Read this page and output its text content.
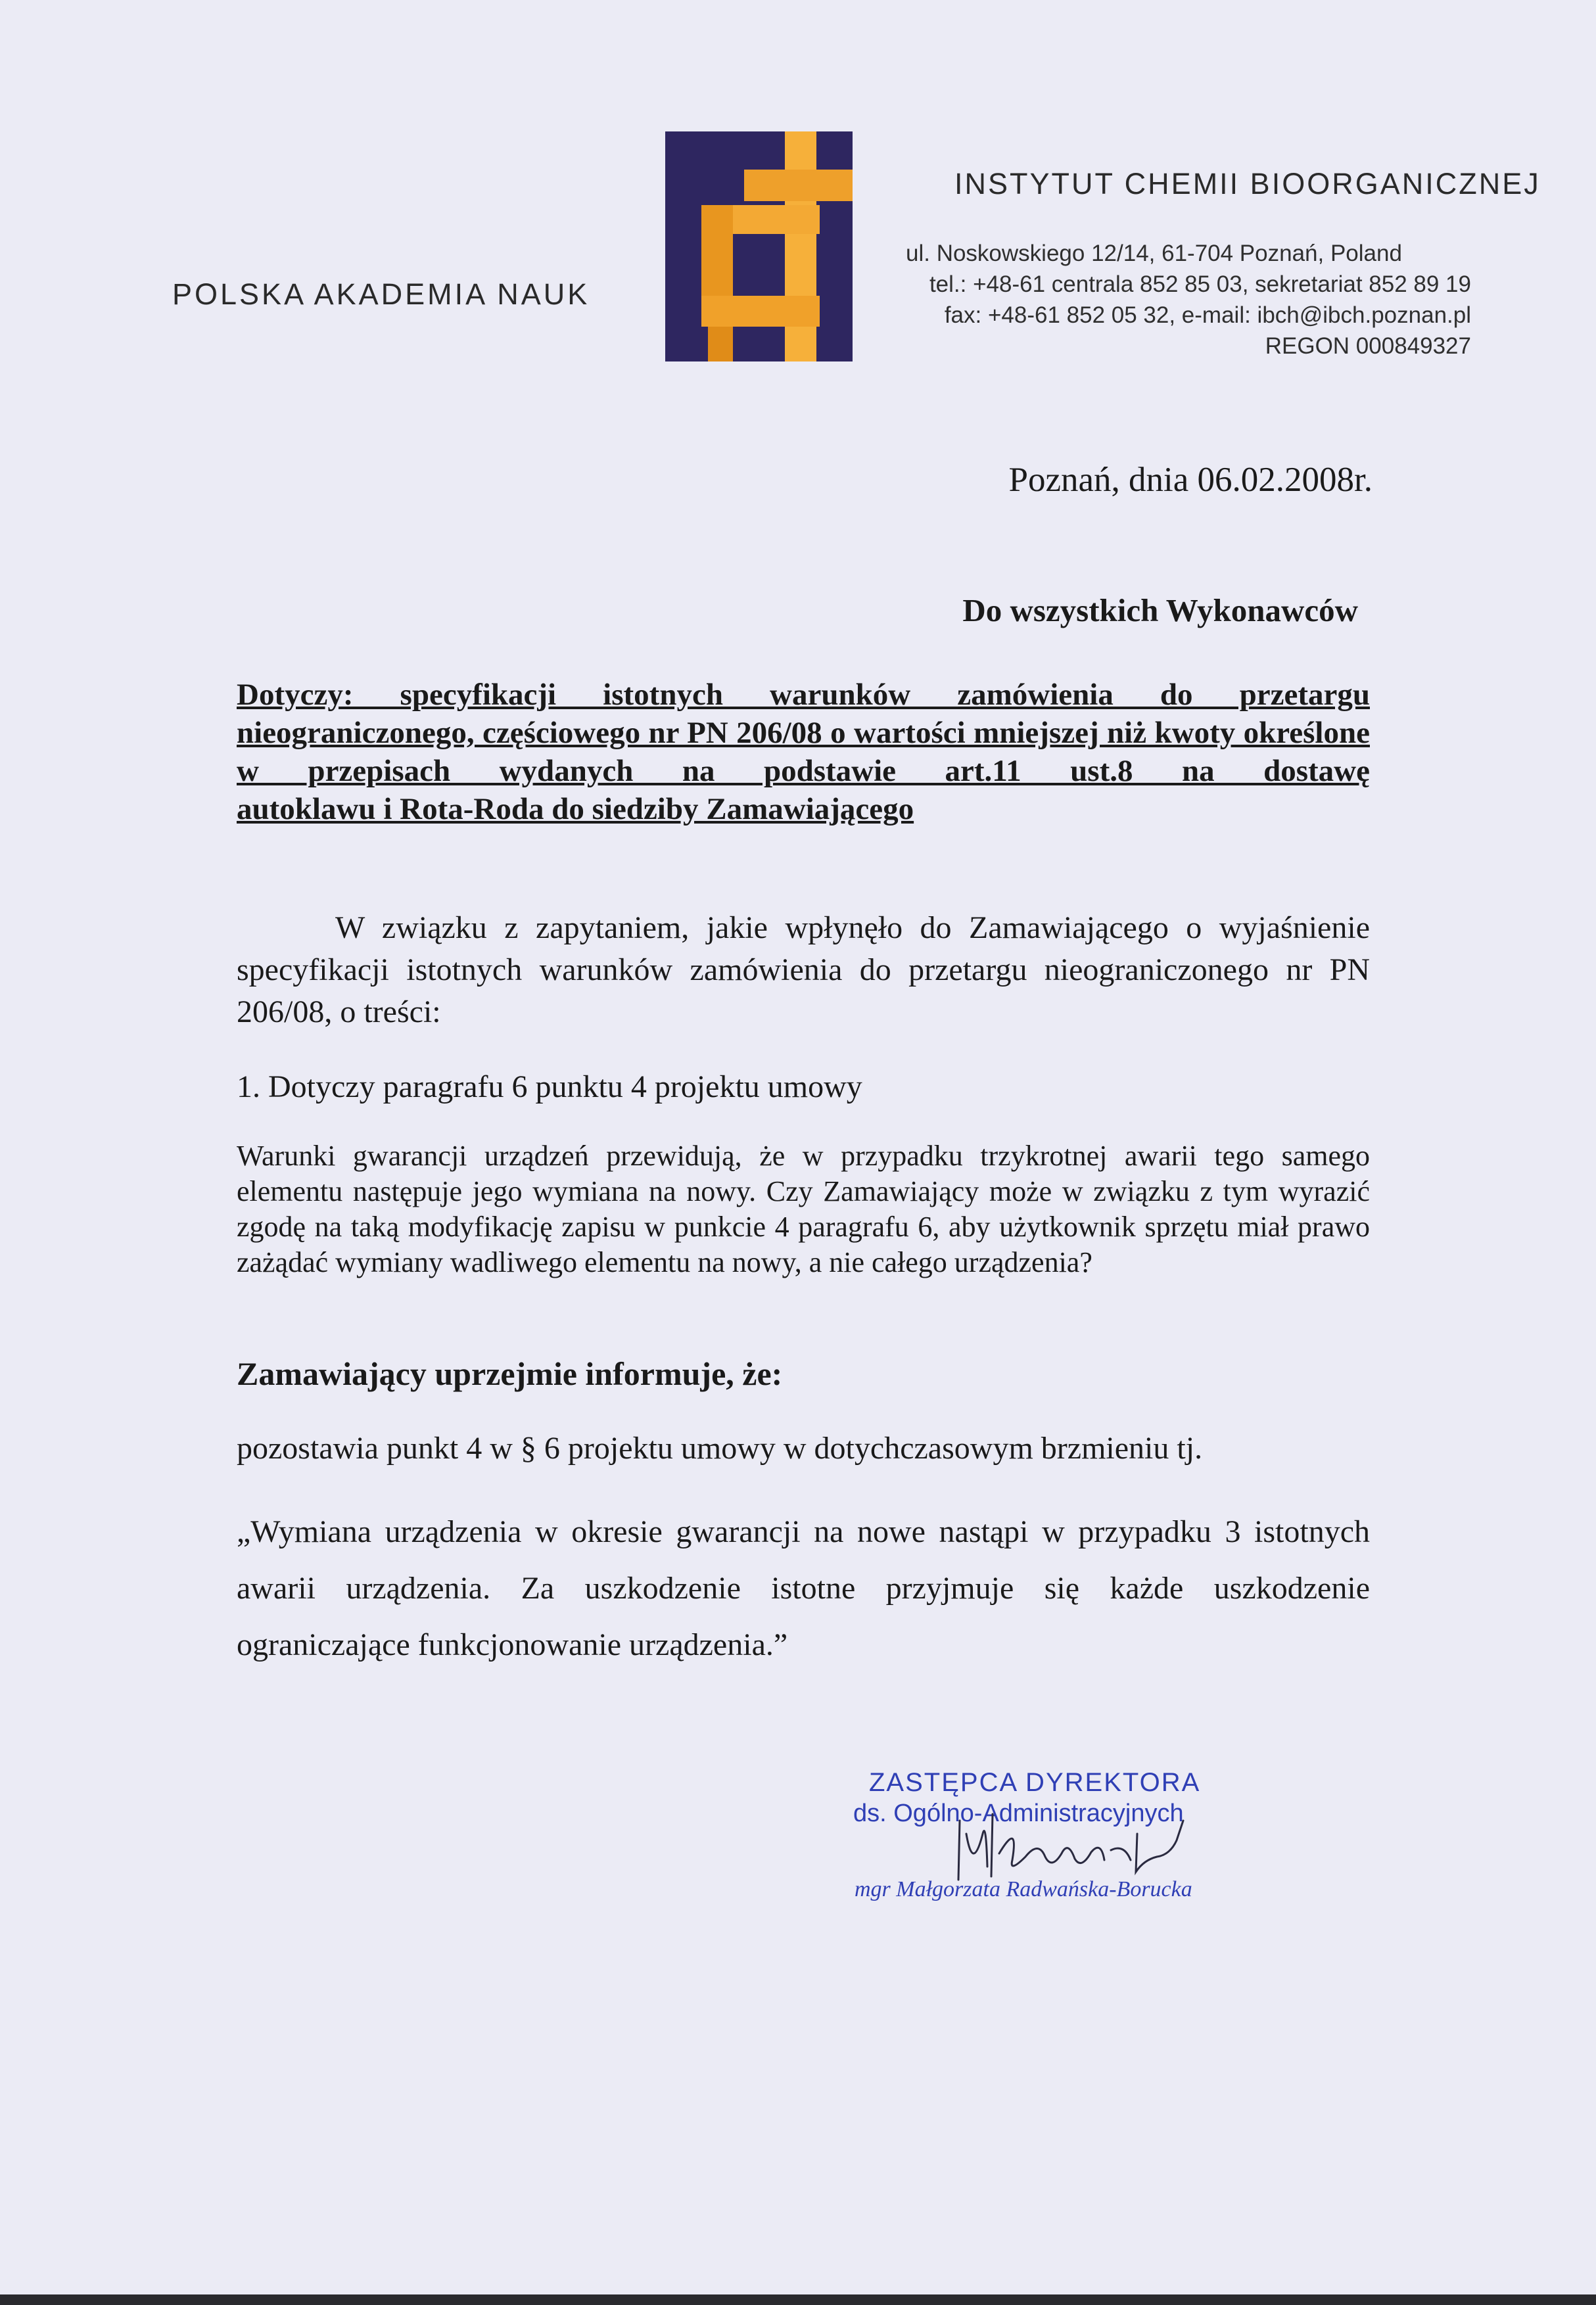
POLSKA AKADEMIA NAUK
INSTYTUT CHEMII BIOORGANICZNEJ
ul. Noskowskiego 12/14, 61-704 Poznań, Poland
tel.: +48-61 centrala 852 85 03, sekretariat 852 89 19
fax: +48-61 852 05 32, e-mail: ibch@ibch.poznan.pl
REGON 000849327
Poznań, dnia 06.02.2008r.
Do wszystkich Wykonawców
Dotyczy: specyfikacji istotnych warunków zamówienia do przetargu nieograniczonego, częściowego nr PN 206/08 o wartości mniejszej niż kwoty określone w przepisach wydanych na podstawie art.11 ust.8 na dostawę
autoklawu i Rota-Roda do siedziby Zamawiającego
W związku z zapytaniem, jakie wpłynęło do Zamawiającego o wyjaśnienie specyfikacji istotnych warunków zamówienia do przetargu nieograniczonego nr PN 206/08, o treści:
1. Dotyczy paragrafu 6 punktu 4 projektu umowy
Warunki gwarancji urządzeń przewidują, że w przypadku trzykrotnej awarii tego samego elementu następuje jego wymiana na nowy. Czy Zamawiający może w związku z tym wyrazić zgodę na taką modyfikację zapisu w punkcie 4 paragrafu 6, aby użytkownik sprzętu miał prawo zażądać wymiany wadliwego elementu na nowy, a nie całego urządzenia?
Zamawiający uprzejmie informuje, że:
pozostawia punkt 4 w § 6 projektu umowy w dotychczasowym brzmieniu tj.
„Wymiana urządzenia w okresie gwarancji na nowe nastąpi w przypadku 3 istotnych awarii urządzenia. Za uszkodzenie istotne przyjmuje się każde uszkodzenie ograniczające funkcjonowanie urządzenia.”
ZASTĘPCA DYREKTORA
ds. Ogólno-Administracyjnych
mgr Małgorzata Radwańska-Borucka
